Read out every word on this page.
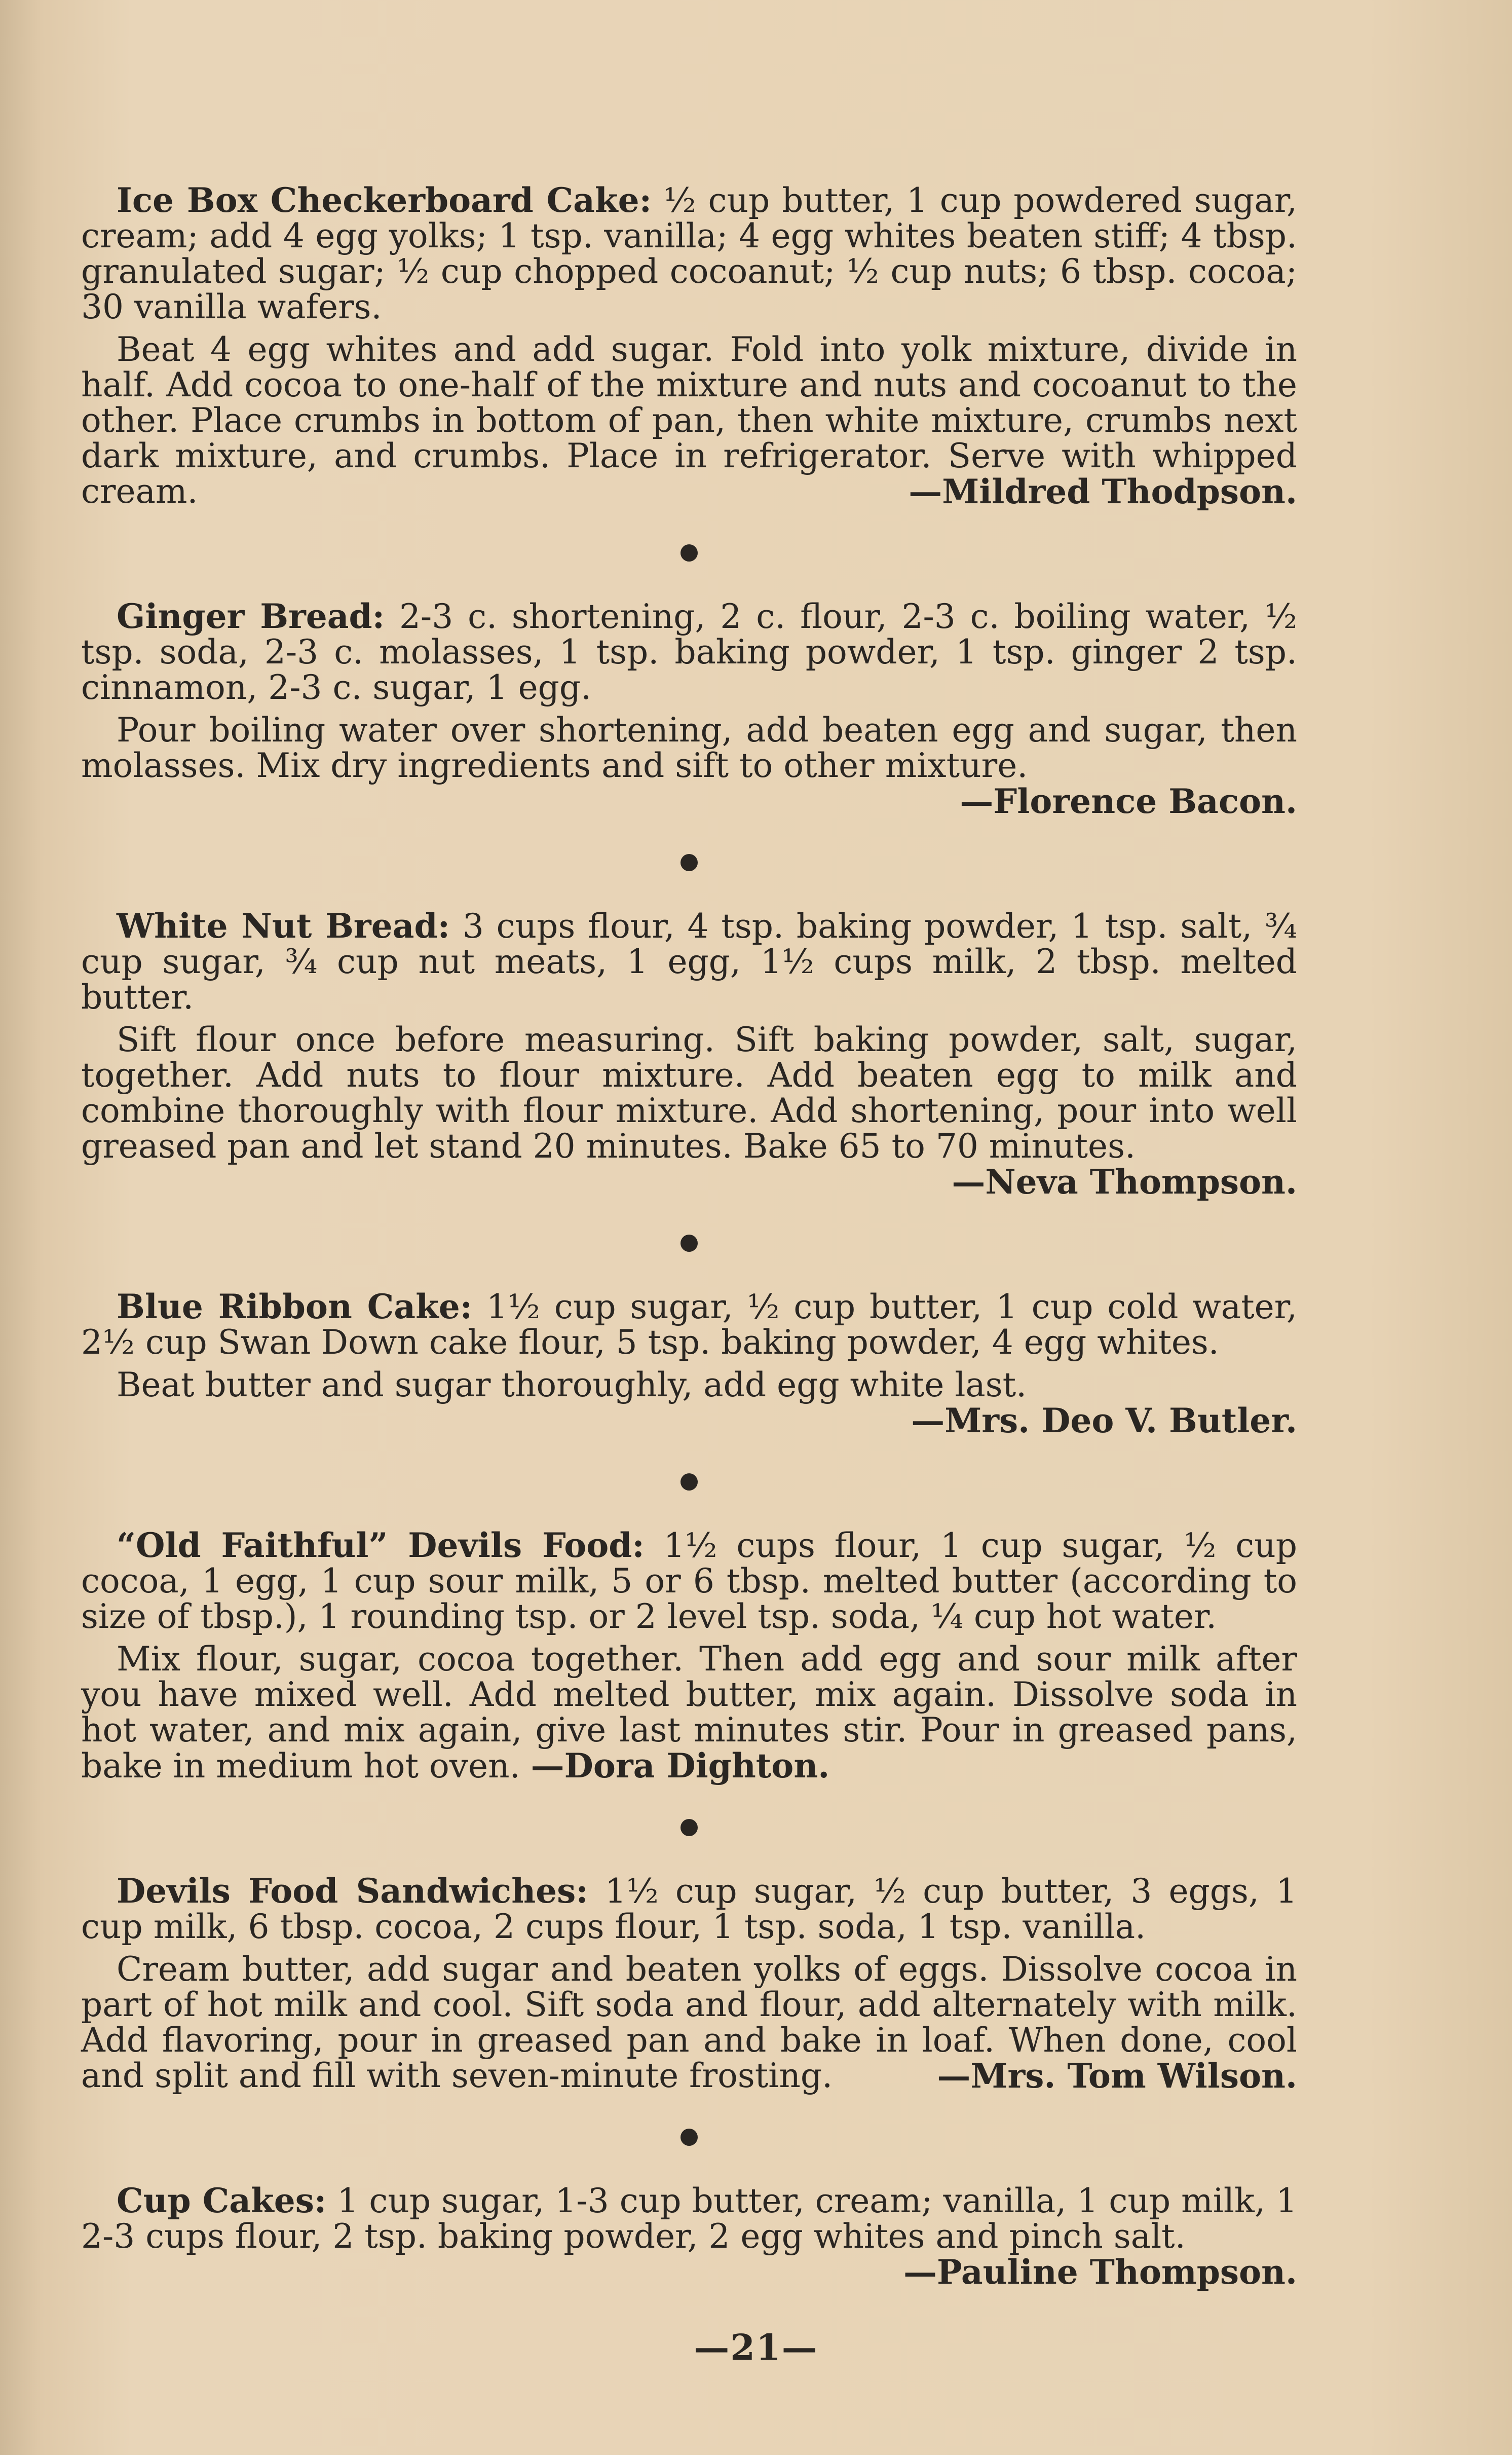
Ice Box Checkerboard Cake: ½ cup butter, 1 cup powdered sugar, cream; add 4 egg yolks; 1 tsp. vanilla; 4 egg whites beaten stiff; 4 tbsp. granulated sugar; ½ cup chopped cocoanut; ½ cup nuts; 6 tbsp. cocoa; 30 vanilla wafers.

Beat 4 egg whites and add sugar. Fold into yolk mixture, divide in half. Add cocoa to one-half of the mixture and nuts and cocoanut to the other. Place crumbs in bottom of pan, then white mixture, crumbs next dark mixture, and crumbs. Place in refrigerator. Serve with whipped cream.	—Mildred Thodpson.

Ginger Bread: 2-3 c. shortening, 2 c. flour, 2-3 c. boiling water, ½ tsp. soda, 2-3 c. molasses, 1 tsp. baking powder, 1 tsp. ginger 2 tsp. cinnamon, 2-3 c. sugar, 1 egg.

Pour boiling water over shortening, add beaten egg and sugar, then molasses. Mix dry ingredients and sift to other mixture.

—Florence Bacon.

White Nut Bread: 3 cups flour, 4 tsp. baking powder, 1 tsp. salt, ¾ cup sugar, ¾ cup nut meats, 1 egg, 1½ cups milk, 2 tbsp. melted butter.

Sift flour once before measuring. Sift baking powder, salt, sugar, together. Add nuts to flour mixture. Add beaten egg to milk and combine thoroughly with flour mixture. Add shortening, pour into well greased pan and let stand 20 minutes. Bake 65 to 70 minutes.

—Neva Thompson.

Blue Ribbon Cake: 1½ cup sugar, ½ cup butter, 1 cup cold water, 2½ cup Swan Down cake flour, 5 tsp. baking powder, 4 egg whites.

Beat butter and sugar thoroughly, add egg white last.

—Mrs. Deo V. Butler.

“Old Faithful” Devils Food: 1½ cups flour, 1 cup sugar, ½ cup cocoa, 1 egg, 1 cup sour milk, 5 or 6 tbsp. melted butter (according to size of tbsp.), 1 rounding tsp. or 2 level tsp. soda, ¼ cup hot water.

Mix flour, sugar, cocoa together. Then add egg and sour milk after you have mixed well. Add melted butter, mix again. Dissolve soda in hot water, and mix again, give last minutes stir. Pour in greased pans, bake in medium hot oven. —Dora Dighton.

Devils Food Sandwiches: 1½ cup sugar, ½ cup butter, 3 eggs, 1 cup milk, 6 tbsp. cocoa, 2 cups flour, 1 tsp. soda, 1 tsp. vanilla.

Cream butter, add sugar and beaten yolks of eggs. Dissolve cocoa in part of hot milk and cool. Sift soda and flour, add alternately with milk. Add flavoring, pour in greased pan and bake in loaf. When done, cool and split and fill with seven-minute frosting.	—Mrs. Tom Wilson.

Cup Cakes: 1 cup sugar, 1-3 cup butter, cream; vanilla, 1 cup milk, 1 2-3 cups flour, 2 tsp. baking powder, 2 egg whites and pinch salt.
—Pauline Thompson.

—21—
